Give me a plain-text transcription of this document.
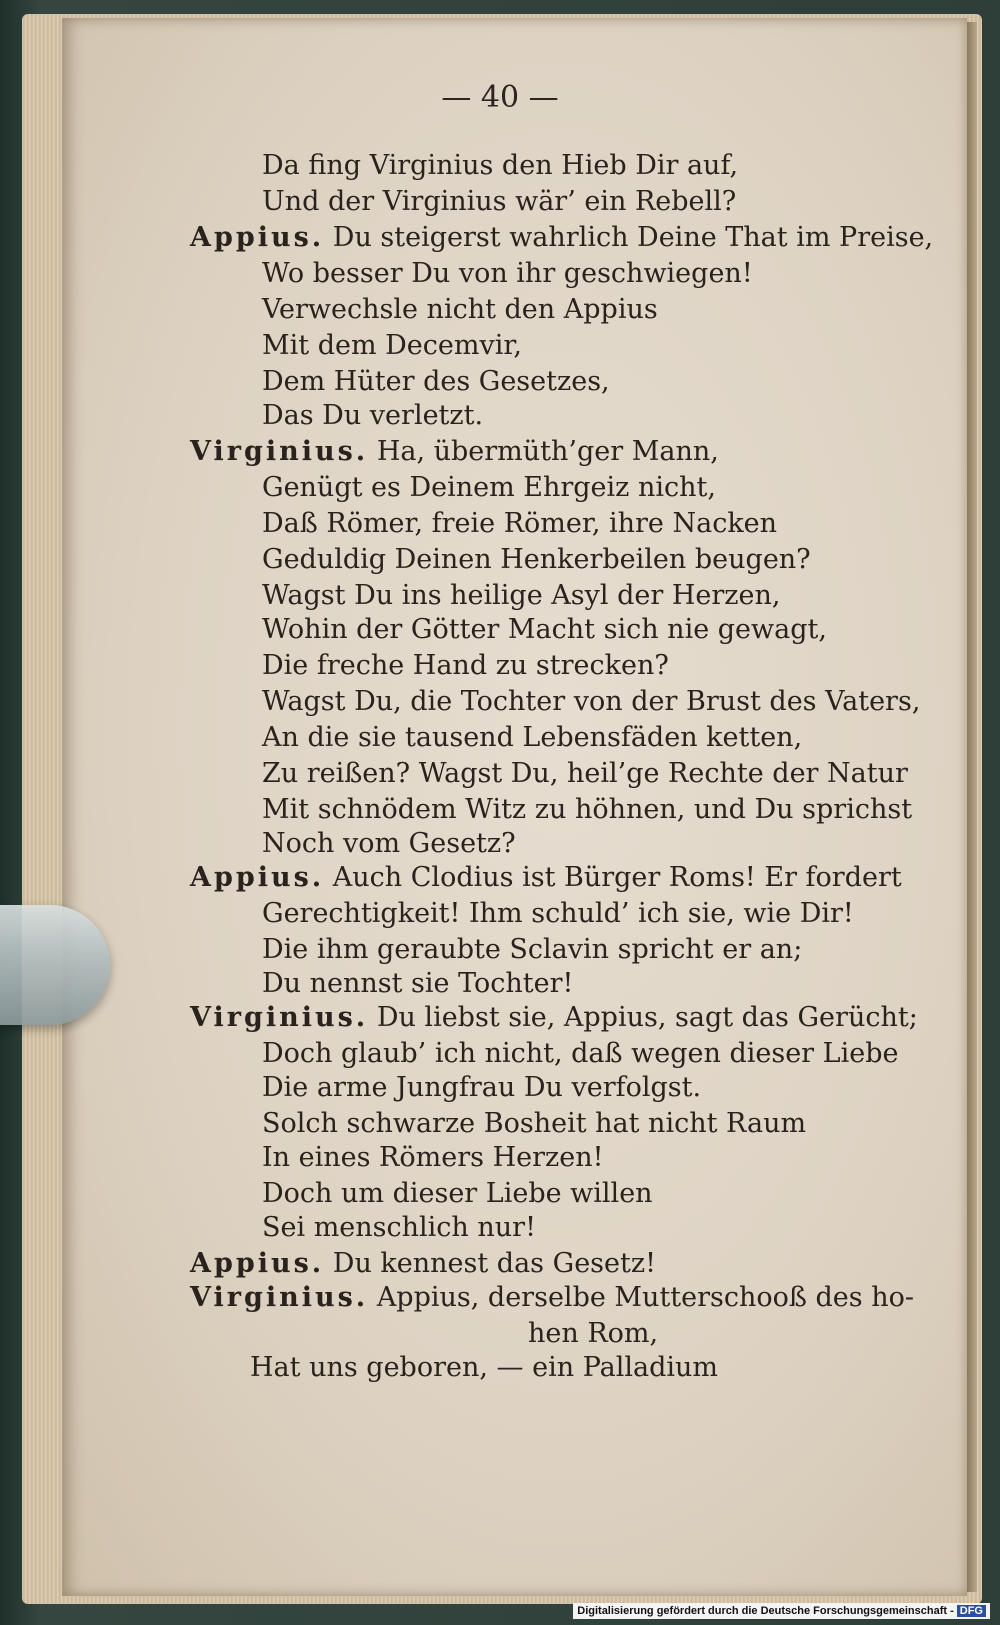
— 40 —
Da fing Virginius den Hieb Dir auf,
Und der Virginius wär’ ein Rebell?
Appius. Du steigerst wahrlich Deine That im Preise,
Wo besser Du von ihr geschwiegen!
Verwechsle nicht den Appius
Mit dem Decemvir,
Dem Hüter des Gesetzes,
Das Du verletzt.
Virginius. Ha, übermüth’ger Mann,
Genügt es Deinem Ehrgeiz nicht,
Daß Römer, freie Römer, ihre Nacken
Geduldig Deinen Henkerbeilen beugen?
Wagst Du ins heilige Asyl der Herzen,
Wohin der Götter Macht sich nie gewagt,
Die freche Hand zu strecken?
Wagst Du, die Tochter von der Brust des Vaters,
An die sie tausend Lebensfäden ketten,
Zu reißen? Wagst Du, heil’ge Rechte der Natur
Mit schnödem Witz zu höhnen, und Du sprichst
Noch vom Gesetz?
Appius. Auch Clodius ist Bürger Roms! Er fordert
Gerechtigkeit! Ihm schuld’ ich sie, wie Dir!
Die ihm geraubte Sclavin spricht er an;
Du nennst sie Tochter!
Virginius. Du liebst sie, Appius, sagt das Gerücht;
Doch glaub’ ich nicht, daß wegen dieser Liebe
Die arme Jungfrau Du verfolgst.
Solch schwarze Bosheit hat nicht Raum
In eines Römers Herzen!
Doch um dieser Liebe willen
Sei menschlich nur!
Appius. Du kennest das Gesetz!
Virginius. Appius, derselbe Mutterschooß des ho-
hen Rom,
Hat uns geboren, — ein Palladium
Digitalisierung gefördert durch die Deutsche Forschungsgemeinschaft - DFG
